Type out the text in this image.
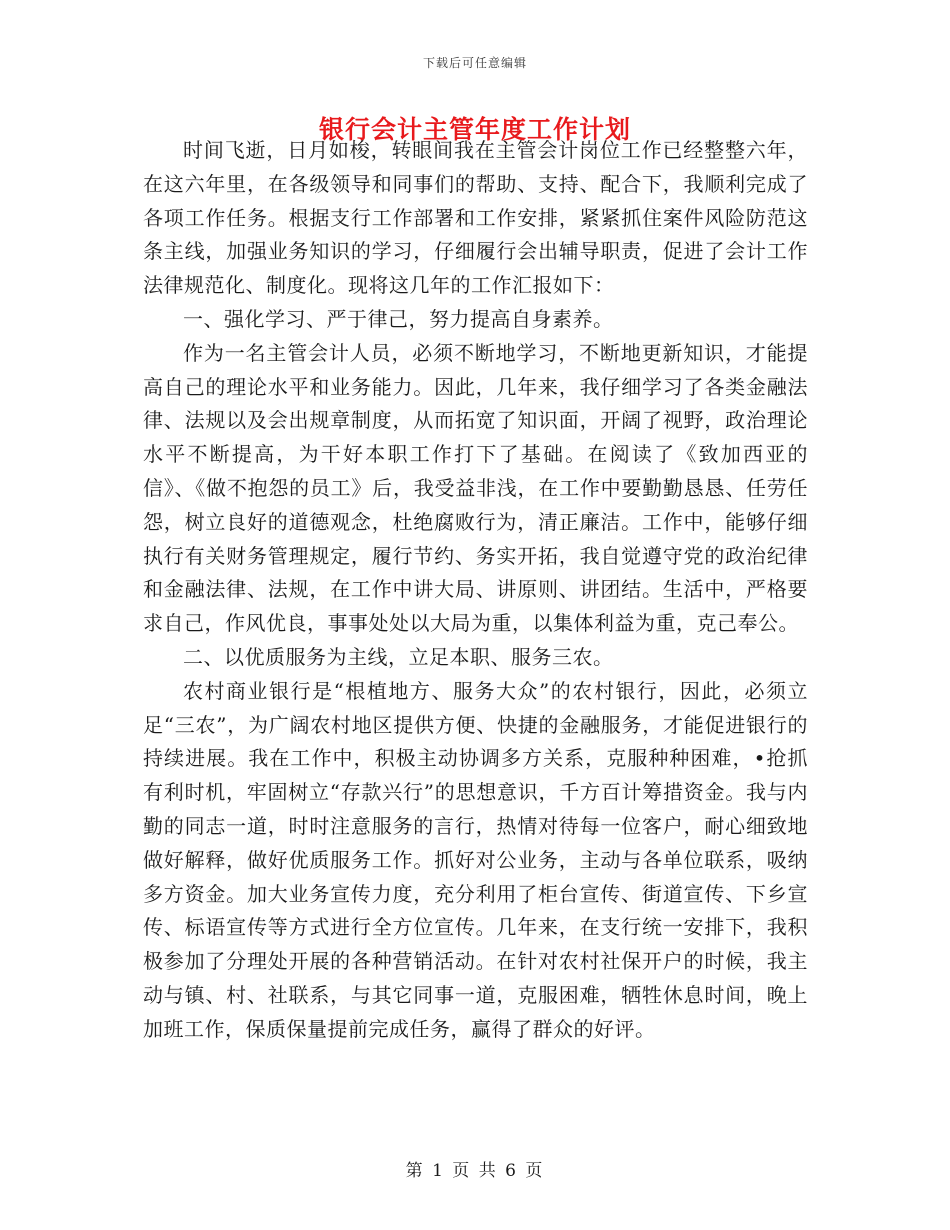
下载后可任意编辑
银行会计主管年度工作计划

时间飞逝，日月如梭，转眼间我在主管会计岗位工作已经整整六年，在这六年里，在各级领导和同事们的帮助、支持、配合下，我顺利完成了各项工作任务。根据支行工作部署和工作安排，紧紧抓住案件风险防范这条主线，加强业务知识的学习，仔细履行会出辅导职责，促进了会计工作法律规范化、制度化。现将这几年的工作汇报如下：

一、强化学习、严于律己，努力提高自身素养。

作为一名主管会计人员，必须不断地学习，不断地更新知识，才能提高自己的理论水平和业务能力。因此，几年来，我仔细学习了各类金融法律、法规以及会出规章制度，从而拓宽了知识面，开阔了视野，政治理论水平不断提高，为干好本职工作打下了基础。在阅读了《致加西亚的信》、《做不抱怨的员工》后，我受益非浅，在工作中要勤勤恳恳、任劳任怨，树立良好的道德观念，杜绝腐败行为，清正廉洁。工作中，能够仔细执行有关财务管理规定，履行节约、务实开拓，我自觉遵守党的政治纪律和金融法律、法规，在工作中讲大局、讲原则、讲团结。生活中，严格要求自己，作风优良，事事处处以大局为重，以集体利益为重，克己奉公。

二、以优质服务为主线，立足本职、服务三农。

农村商业银行是“根植地方、服务大众”的农村银行，因此，必须立足“三农”，为广阔农村地区提供方便、快捷的金融服务，才能促进银行的持续进展。我在工作中，积极主动协调多方关系，克服种种困难，•抢抓有利时机，牢固树立“存款兴行”的思想意识，千方百计筹措资金。我与内勤的同志一道，时时注意服务的言行，热情对待每一位客户，耐心细致地做好解释，做好优质服务工作。抓好对公业务，主动与各单位联系，吸纳多方资金。加大业务宣传力度，充分利用了柜台宣传、街道宣传、下乡宣传、标语宣传等方式进行全方位宣传。几年来，在支行统一安排下，我积极参加了分理处开展的各种营销活动。在针对农村社保开户的时候，我主动与镇、村、社联系，与其它同事一道，克服困难，牺牲休息时间，晚上加班工作，保质保量提前完成任务，赢得了群众的好评。

第 1 页 共 6 页
